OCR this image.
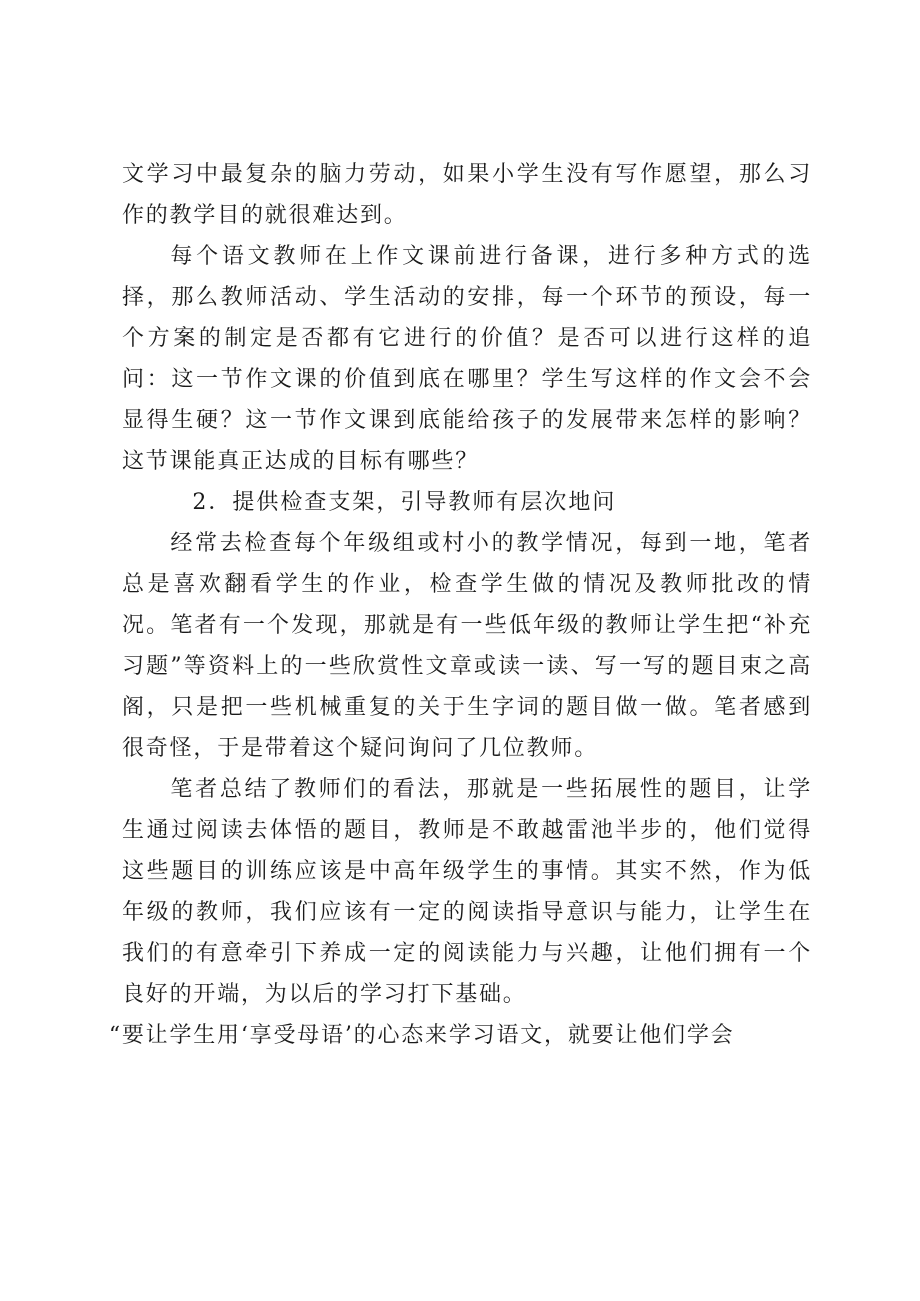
文学习中最复杂的脑力劳动，如果小学生没有写作愿望，那么习作的教学目的就很难达到。

每个语文教师在上作文课前进行备课，进行多种方式的选择，那么教师活动、学生活动的安排，每一个环节的预设，每一个方案的制定是否都有它进行的价值？是否可以进行这样的追问：这一节作文课的价值到底在哪里？学生写这样的作文会不会显得生硬？这一节作文课到底能给孩子的发展带来怎样的影响？这节课能真正达成的目标有哪些？

2．提供检查支架，引导教师有层次地问

经常去检查每个年级组或村小的教学情况，每到一地，笔者总是喜欢翻看学生的作业，检查学生做的情况及教师批改的情况。笔者有一个发现，那就是有一些低年级的教师让学生把“补充习题”等资料上的一些欣赏性文章或读一读、写一写的题目束之高阁，只是把一些机械重复的关于生字词的题目做一做。笔者感到很奇怪，于是带着这个疑问询问了几位教师。

笔者总结了教师们的看法，那就是一些拓展性的题目，让学生通过阅读去体悟的题目，教师是不敢越雷池半步的，他们觉得这些题目的训练应该是中高年级学生的事情。其实不然，作为低年级的教师，我们应该有一定的阅读指导意识与能力，让学生在我们的有意牵引下养成一定的阅读能力与兴趣，让他们拥有一个良好的开端，为以后的学习打下基础。

“要让学生用‘享受母语’的心态来学习语文，就要让他们学会
